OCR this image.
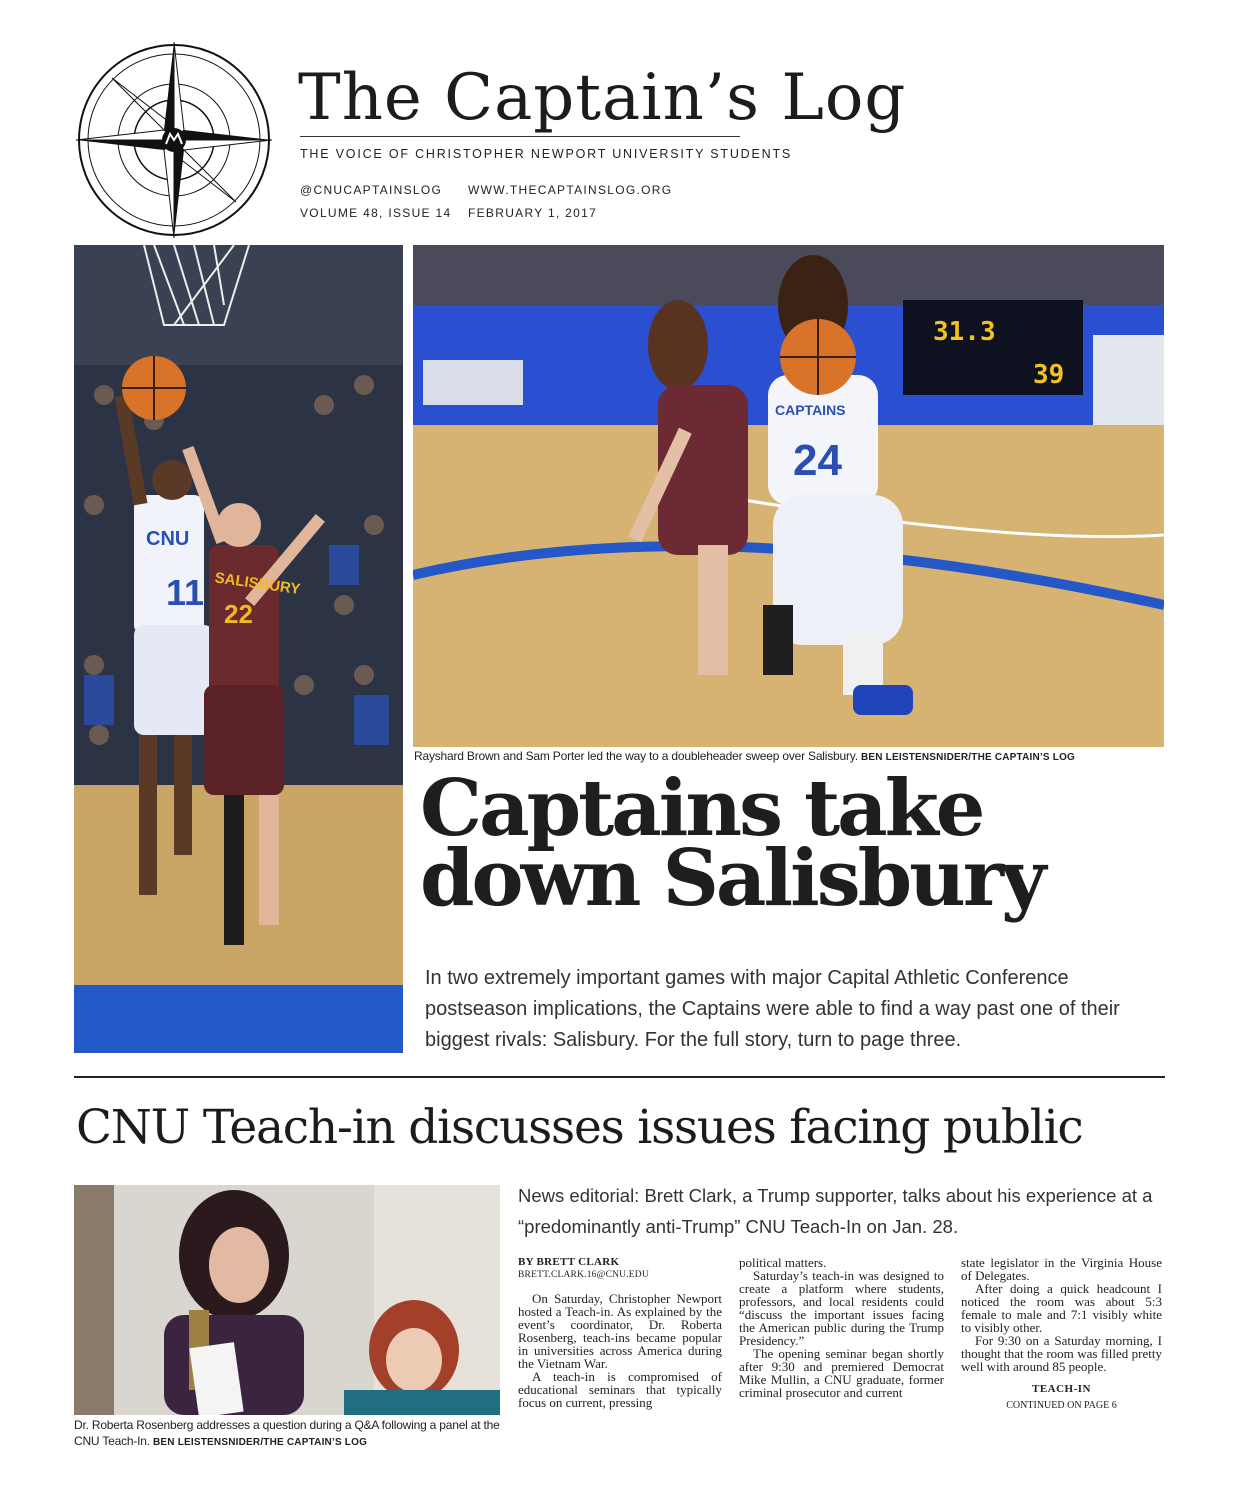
The Captain’s Log
THE VOICE OF CHRISTOPHER NEWPORT UNIVERSITY STUDENTS
@CNUCAPTAINSLOG WWW.THECAPTAINSLOG.ORG
VOLUME 48, ISSUE 14 FEBRUARY 1, 2017
CNU
11 SALISBURY
22
31.3
39
CAPTAINS
24
Rayshard Brown and Sam Porter led the way to a doubleheader sweep over Salisbury. BEN LEISTENSNIDER/THE CAPTAIN’S LOG
Captains take
down Salisbury
In two extremely important games with major Capital Athletic Conference postseason implications, the Captains were able to find a way past one of their biggest rivals: Salisbury. For the full story, turn to page three.
CNU Teach-in discusses issues facing public
Dr. Roberta Rosenberg addresses a question during a Q&A following a panel at the CNU Teach-In. BEN LEISTENSNIDER/THE CAPTAIN’S LOG
News editorial: Brett Clark, a Trump supporter, talks about his experience at a “predominantly anti-Trump” CNU Teach-In on Jan. 28.

BY BRETT CLARK

BRETT.CLARK.16@CNU.EDU

On Saturday, Christopher Newport hosted a Teach-in. As explained by the event’s coordinator, Dr. Roberta Rosenberg, teach-ins became popular in universities across America during the Vietnam War.

A teach-in is compromised of educational seminars that typically focus on current, pressing

political matters.

Saturday’s teach-in was designed to create a platform where students, professors, and local residents could “discuss the important issues facing the American public during the Trump Presidency.”

The opening seminar began shortly after 9:30 and premiered Democrat Mike Mullin, a CNU graduate, former criminal prosecutor and current

state legislator in the Virginia House of Delegates.

After doing a quick headcount I noticed the room was about 5:3 female to male and 7:1 visibly white to visibly other.

For 9:30 on a Saturday morning, I thought that the room was filled pretty well with around 85 people.

TEACH-IN
CONTINUED ON PAGE 6
